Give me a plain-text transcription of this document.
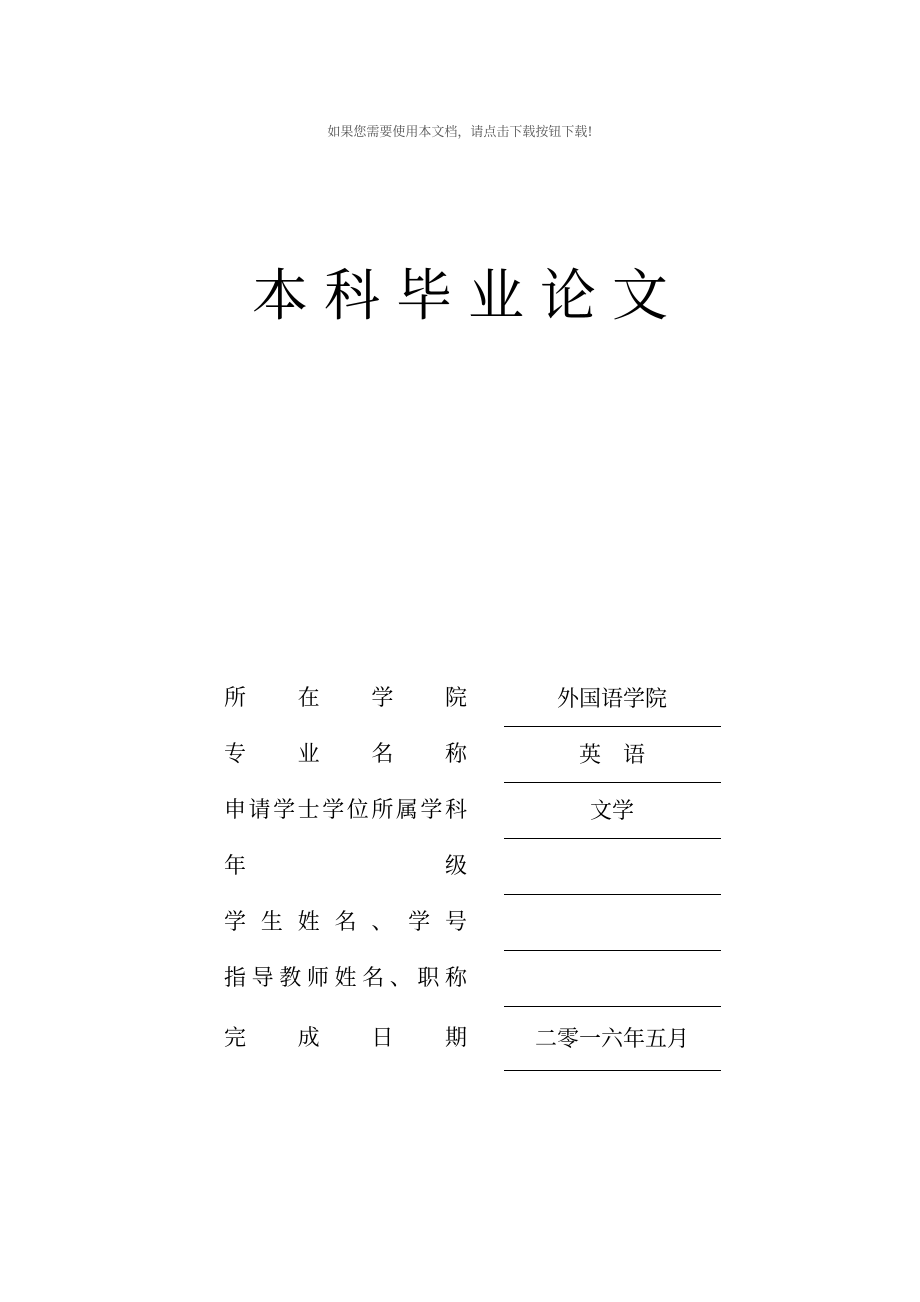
如果您需要使用本文档，请点击下载按钮下载!
本科毕业论文
所在学院	外国语学院
专业名称	英　语
申请学士学位所属学科	文学
年级
学生姓名、学号
指导教师姓名、职称
完成日期	二零一六年五月
